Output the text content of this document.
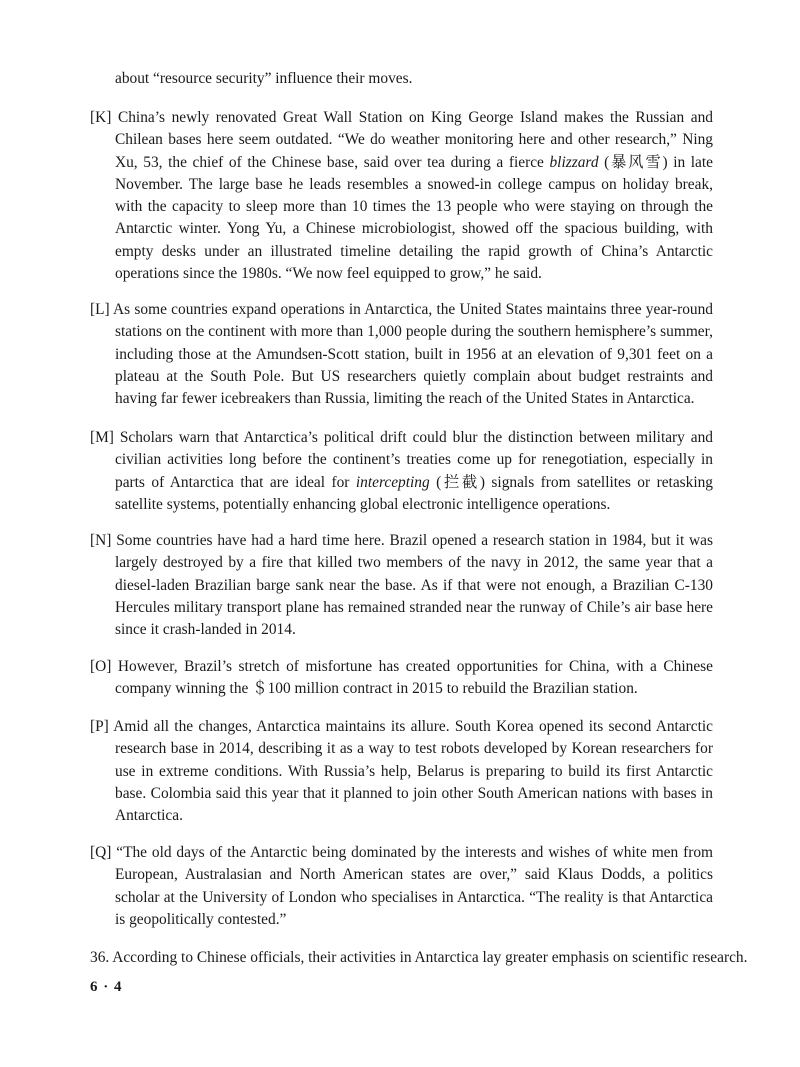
about “resource security” influence their moves.
[K] China’s newly renovated Great Wall Station on King George Island makes the Russian and Chilean bases here seem outdated. “We do weather monitoring here and other research,” Ning Xu, 53, the chief of the Chinese base, said over tea during a fierce blizzard (暴风雪) in late November. The large base he leads resembles a snowed-in college campus on holiday break, with the capacity to sleep more than 10 times the 13 people who were staying on through the Antarctic winter. Yong Yu, a Chinese microbiologist, showed off the spacious building, with empty desks under an illustrated timeline detailing the rapid growth of China’s Antarctic operations since the 1980s. “We now feel equipped to grow,” he said.
[L] As some countries expand operations in Antarctica, the United States maintains three year-round stations on the continent with more than 1,000 people during the southern hemisphere’s summer, including those at the Amundsen-Scott station, built in 1956 at an elevation of 9,301 feet on a plateau at the South Pole. But US researchers quietly complain about budget restraints and having far fewer icebreakers than Russia, limiting the reach of the United States in Antarctica.
[M] Scholars warn that Antarctica’s political drift could blur the distinction between military and civilian activities long before the continent’s treaties come up for renegotiation, especially in parts of Antarctica that are ideal for intercepting (拦截) signals from satellites or retasking satellite systems, potentially enhancing global electronic intelligence operations.
[N] Some countries have had a hard time here. Brazil opened a research station in 1984, but it was largely destroyed by a fire that killed two members of the navy in 2012, the same year that a diesel-laden Brazilian barge sank near the base. As if that were not enough, a Brazilian C-130 Hercules military transport plane has remained stranded near the runway of Chile’s air base here since it crash-landed in 2014.
[O] However, Brazil’s stretch of misfortune has created opportunities for China, with a Chinese company winning the ＄100 million contract in 2015 to rebuild the Brazilian station.
[P] Amid all the changes, Antarctica maintains its allure. South Korea opened its second Antarctic research base in 2014, describing it as a way to test robots developed by Korean researchers for use in extreme conditions. With Russia’s help, Belarus is preparing to build its first Antarctic base. Colombia said this year that it planned to join other South American nations with bases in Antarctica.
[Q] “The old days of the Antarctic being dominated by the interests and wishes of white men from European, Australasian and North American states are over,” said Klaus Dodds, a politics scholar at the University of London who specialises in Antarctica. “The reality is that Antarctica is geopolitically contested.”
36. According to Chinese officials, their activities in Antarctica lay greater emphasis on scientific research.
6 · 4
